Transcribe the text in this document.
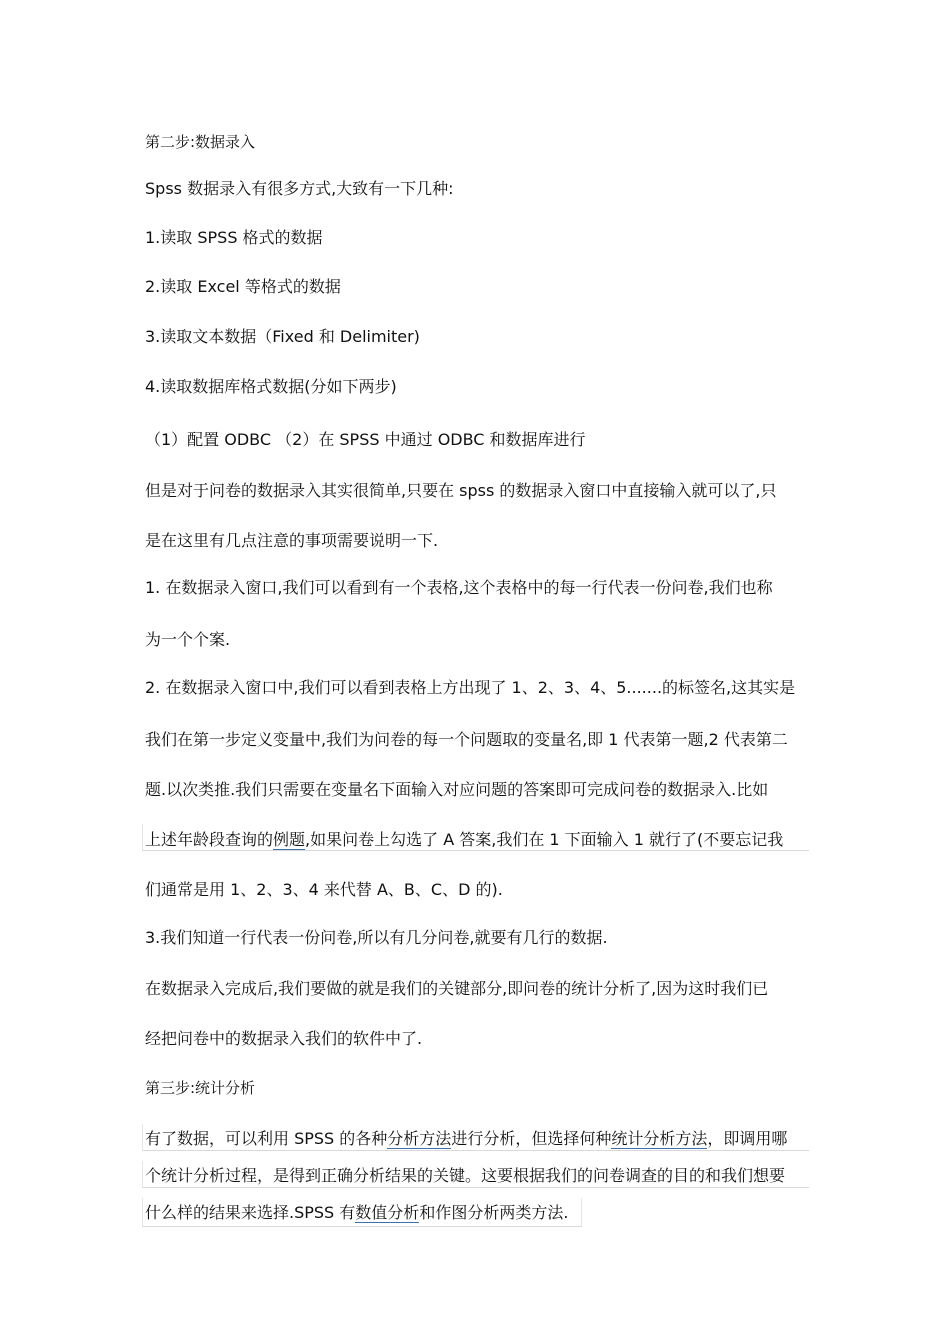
第二步:数据录入
Spss 数据录入有很多方式,大致有一下几种:
1.读取 SPSS 格式的数据
2.读取 Excel 等格式的数据
3.读取文本数据（Fixed 和 Delimiter)
4.读取数据库格式数据(分如下两步)
（1）配置 ODBC （2）在 SPSS 中通过 ODBC 和数据库进行
但是对于问卷的数据录入其实很简单,只要在 spss 的数据录入窗口中直接输入就可以了,只
是在这里有几点注意的事项需要说明一下.
1. 在数据录入窗口,我们可以看到有一个表格,这个表格中的每一行代表一份问卷,我们也称
为一个个案.
2. 在数据录入窗口中,我们可以看到表格上方出现了 1、2、3、4、5.......的标签名,这其实是
我们在第一步定义变量中,我们为问卷的每一个问题取的变量名,即 1 代表第一题,2 代表第二
题.以次类推.我们只需要在变量名下面输入对应问题的答案即可完成问卷的数据录入.比如
上述年龄段查询的例题,如果问卷上勾选了 A 答案,我们在 1 下面输入 1 就行了(不要忘记我
们通常是用 1、2、3、4 来代替 A、B、C、D 的).
3.我们知道一行代表一份问卷,所以有几分问卷,就要有几行的数据.
在数据录入完成后,我们要做的就是我们的关键部分,即问卷的统计分析了,因为这时我们已
经把问卷中的数据录入我们的软件中了.
第三步:统计分析
有了数据，可以利用 SPSS 的各种分析方法进行分析，但选择何种统计分析方法，即调用哪
个统计分析过程，是得到正确分析结果的关键。这要根据我们的问卷调查的目的和我们想要
什么样的结果来选择.SPSS 有数值分析和作图分析两类方法.
